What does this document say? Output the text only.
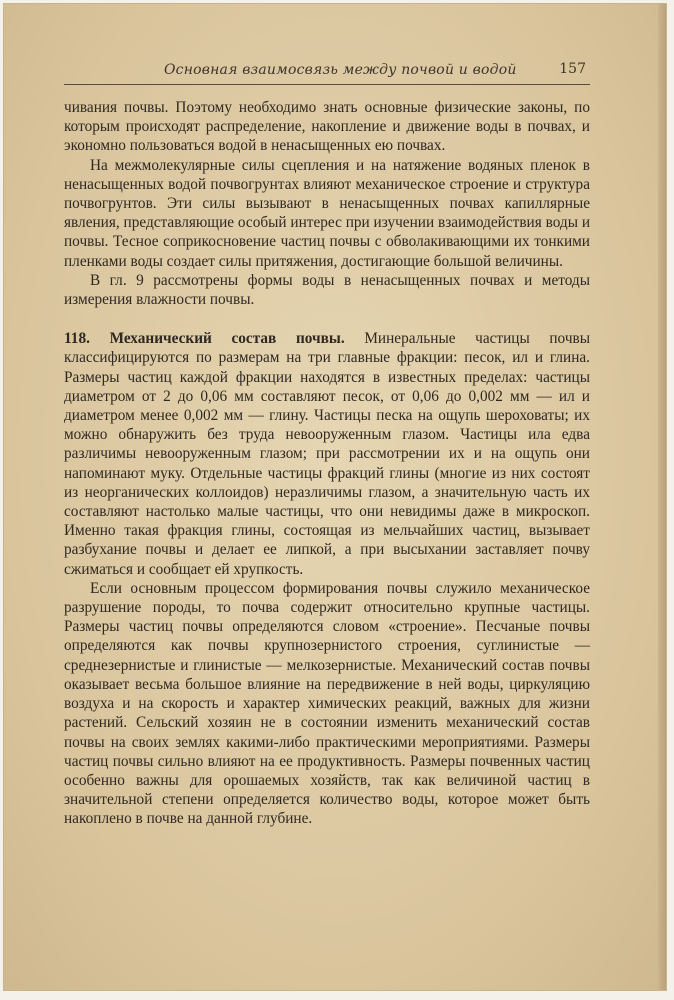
Основная взаимосвязь между почвой и водой	157

чивания почвы. Поэтому необходимо знать основные физические законы, по которым происходят распределение, накопление и движение воды в почвах, и экономно пользоваться водой в ненасыщенных ею почвах.

На межмолекулярные силы сцепления и на натяжение водяных пленок в ненасыщенных водой почвогрунтах влияют механическое строение и структура почвогрунтов. Эти силы вызывают в ненасыщенных почвах капиллярные явления, представляющие особый интерес при изучении взаимодействия воды и почвы. Тесное соприкосновение частиц почвы с обволакивающими их тонкими пленками воды создает силы притяжения, достигающие большой величины.

В гл. 9 рассмотрены формы воды в ненасыщенных почвах и методы измерения влажности почвы.

118. Механический состав почвы. Минеральные частицы почвы классифицируются по размерам на три главные фракции: песок, ил и глина. Размеры частиц каждой фракции находятся в известных пределах: частицы диаметром от 2 до 0,06 мм составляют песок, от 0,06 до 0,002 мм — ил и диаметром менее 0,002 мм — глину. Частицы песка на ощупь шероховаты; их можно обнаружить без труда невооруженным глазом. Частицы ила едва различимы невооруженным глазом; при рассмотрении их и на ощупь они напоминают муку. Отдельные частицы фракций глины (многие из них состоят из неорганических коллоидов) неразличимы глазом, а значительную часть их составляют настолько малые частицы, что они невидимы даже в микроскоп. Именно такая фракция глины, состоящая из мельчайших частиц, вызывает разбухание почвы и делает ее липкой, а при высыхании заставляет почву сжиматься и сообщает ей хрупкость.

Если основным процессом формирования почвы служило механическое разрушение породы, то почва содержит относительно крупные частицы. Размеры частиц почвы определяются словом «строение». Песчаные почвы определяются как почвы крупнозернистого строения, суглинистые — среднезернистые и глинистые — мелкозернистые. Механический состав почвы оказывает весьма большое влияние на передвижение в ней воды, циркуляцию воздуха и на скорость и характер химических реакций, важных для жизни растений. Сельский хозяин не в состоянии изменить механический состав почвы на своих землях какими-либо практическими мероприятиями. Размеры частиц почвы сильно влияют на ее продуктивность. Размеры почвенных частиц особенно важны для орошаемых хозяйств, так как величиной частиц в значительной степени определяется количество воды, которое может быть накоплено в почве на данной глубине.
